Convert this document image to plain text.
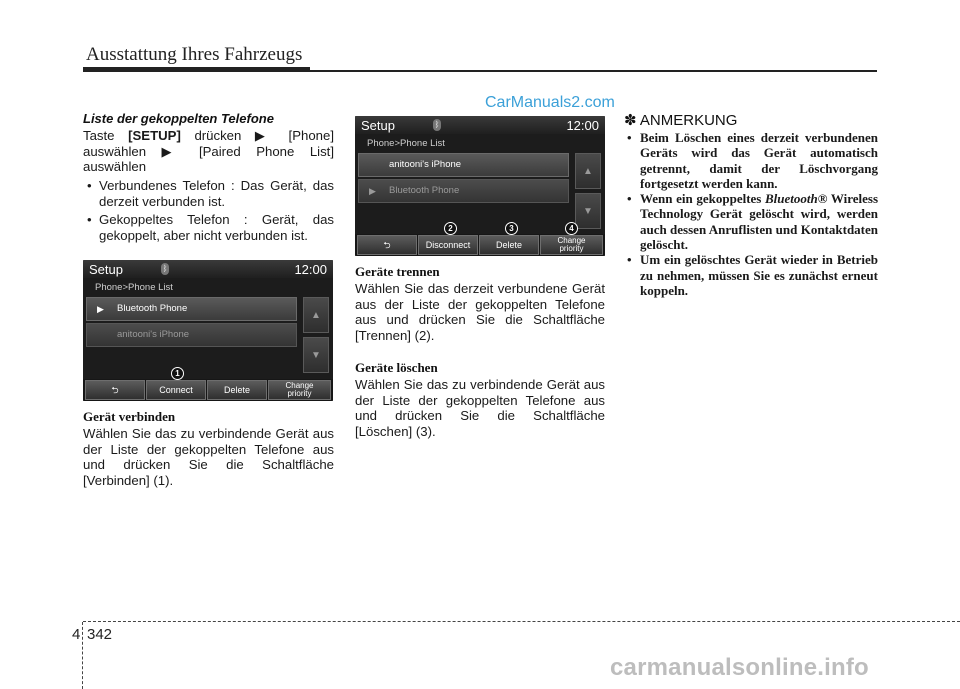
Ausstattung Ihres Fahrzeugs
CarManuals2.com
Liste der gekoppelten Telefone
Taste [SETUP] drücken ▶ [Phone] auswählen ▶ [Paired Phone List] auswählen
• Verbundenes Telefon : Das Gerät, das derzeit verbunden ist.
• Gekoppeltes Telefon : Gerät, das gekoppelt, aber nicht verbunden ist.
Setup	ᛒ	12:00
Phone>Phone List
▶ Bluetooth Phone
anitooni's iPhone
▲
▼
⮌	Connect	Delete	Change
priority
1
Gerät verbinden
Wählen Sie das zu verbindende Gerät aus der Liste der gekoppelten Telefone aus und drücken Sie die Schaltfläche [Verbinden] (1).
Setup	ᛒ	12:00
Phone>Phone List
anitooni's iPhone
▶ Bluetooth Phone
▲
▼
⮌	Disconnect	Delete	Change
priority
2	3	4
Geräte trennen
Wählen Sie das derzeit verbundene Gerät aus der Liste der gekoppelten Telefone aus und drücken Sie die Schaltfläche [Trennen] (2).
Geräte löschen
Wählen Sie das zu verbindende Gerät aus der Liste der gekoppelten Telefone aus und drücken Sie die Schaltfläche [Löschen] (3).
✽ ANMERKUNG
• Beim Löschen eines derzeit verbundenen Geräts wird das Gerät automatisch getrennt, damit der Löschvorgang fortgesetzt werden kann.
• Wenn ein gekoppeltes Bluetooth® Wireless Technology Gerät gelöscht wird, werden auch dessen Anruflisten und Kontaktdaten gelöscht.
• Um ein gelöschtes Gerät wieder in Betrieb zu nehmen, müssen Sie es zunächst erneut koppeln.
4 342
carmanualsonline.info
